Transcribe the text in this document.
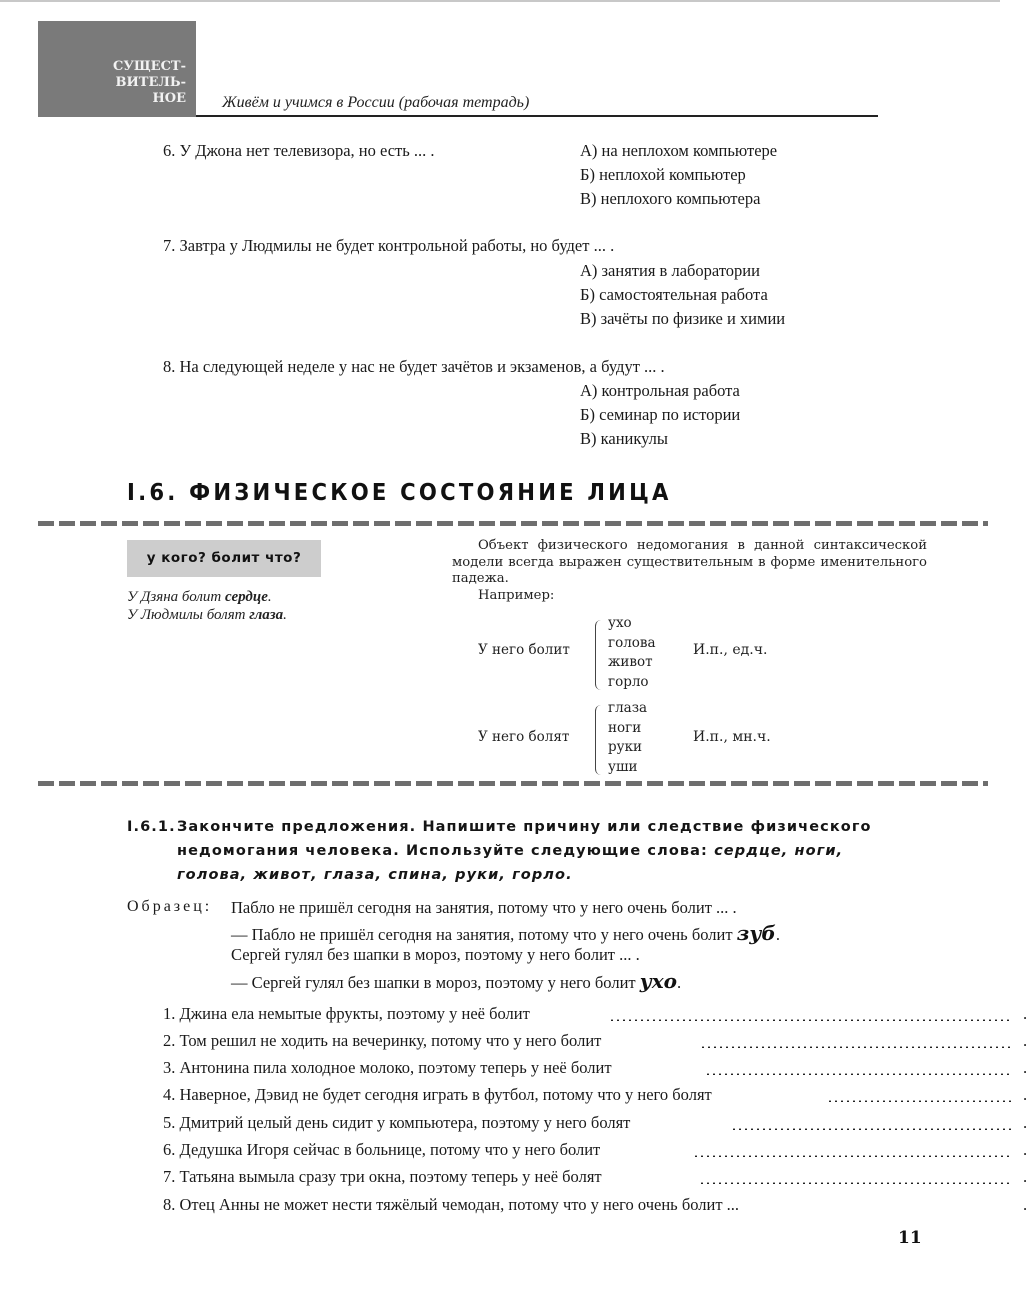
СУЩЕСТ-
ВИТЕЛЬ-
НОЕ Живём и учимся в России (рабочая тетрадь)
6. У Джона нет телевизора, но есть ... .	А) на неплохом компьютере
Б) неплохой компьютер
В) неплохого компьютера
7. Завтра у Людмилы не будет контрольной работы, но будет ... .
А) занятия в лаборатории
Б) самостоятельная работа
В) зачёты по физике и химии
8. На следующей неделе у нас не будет зачётов и экзаменов, а будут ... .
А) контрольная работа
Б) семинар по истории
В) каникулы
I.6. ФИЗИЧЕСКОЕ СОСТОЯНИЕ ЛИЦА
у кого? болит что?
У Дзяна болит сердце.
У Людмилы болят глаза.

Объект физического недомогания в данной синтаксической модели всегда выражен существительным в форме именительного падежа.

Например:

У него болит
ухо
голова
живот
горло
И.п., ед.ч.
У него болят
глаза
ноги
руки
уши
И.п., мн.ч.
I.6.1.Закончите предложения. Напишите причину или следствие физического
недомогания человека. Используйте следующие слова: сердце, ноги,
голова, живот, глаза, спина, руки, горло.
Образец: Пабло не пришёл сегодня на занятия, потому что у него очень болит ... .
— Пабло не пришёл сегодня на занятия, потому что у него очень болит зуб.
Сергей гулял без шапки в мороз, поэтому у него болит ... .
— Сергей гулял без шапки в мороз, поэтому у него болит ухо.
1. Джина ела немытые фрукты, поэтому у неё болит	.
2. Том решил не ходить на вечеринку, потому что у него болит	.
3. Антонина пила холодное молоко, поэтому теперь у неё болит	.
4. Наверное, Дэвид не будет сегодня играть в футбол, потому что у него болят	.
5. Дмитрий целый день сидит у компьютера, поэтому у него болят	.
6. Дедушка Игоря сейчас в больнице, потому что у него болит	.
7. Татьяна вымыла сразу три окна, поэтому теперь у неё болят	.
8. Отец Анны не может нести тяжёлый чемодан, потому что у него очень болит ...	.
11
